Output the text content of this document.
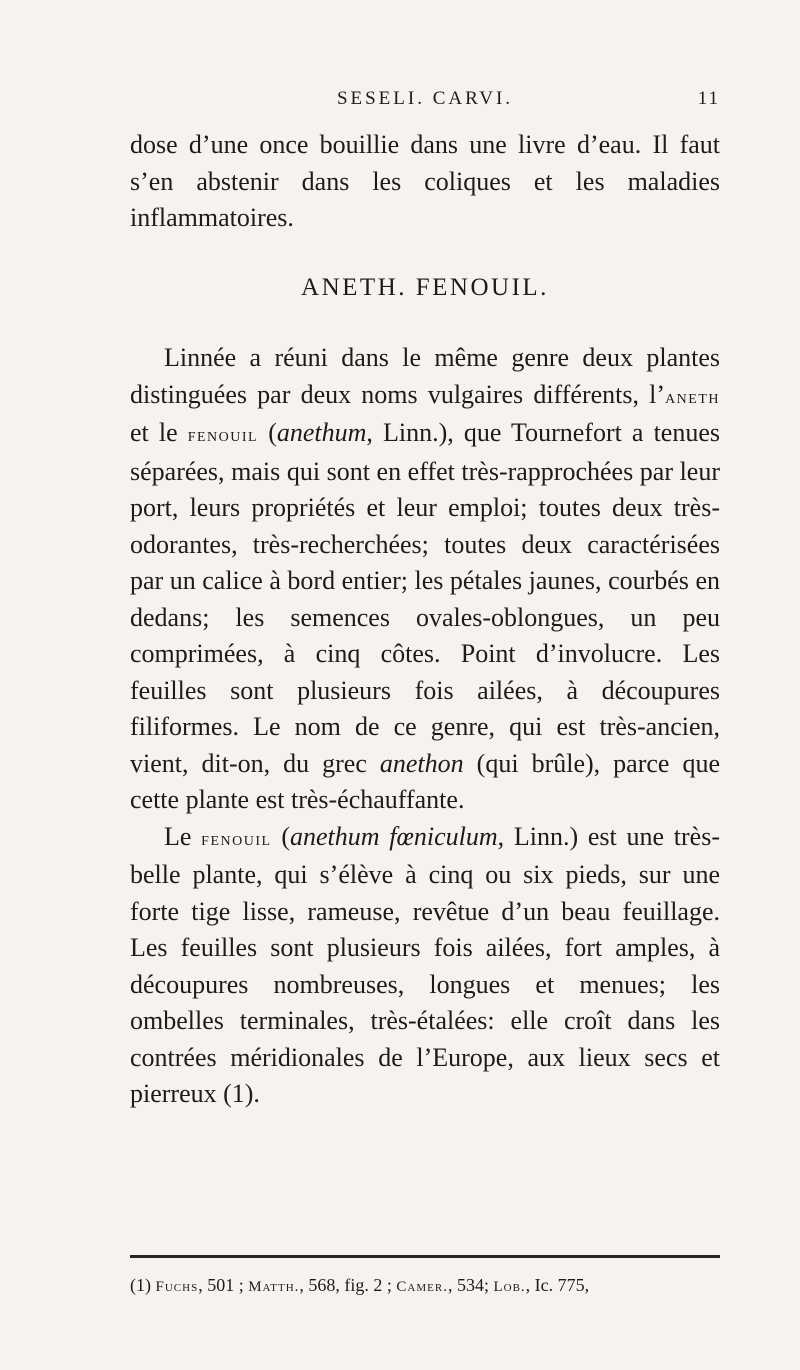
SESELI. CARVI.	11

dose d’une once bouillie dans une livre d’eau. Il faut s’en abstenir dans les coliques et les maladies inflammatoires.

ANETH. FENOUIL.

Linnée a réuni dans le même genre deux plantes distinguées par deux noms vulgaires différents, l’aneth et le fenouil (anethum, Linn.), que Tournefort a tenues séparées, mais qui sont en effet très-rapprochées par leur port, leurs propriétés et leur emploi; toutes deux très-odorantes, très-recherchées; toutes deux caractérisées par un calice à bord entier; les pétales jaunes, courbés en dedans; les semences ovales-oblongues, un peu comprimées, à cinq côtes. Point d’involucre. Les feuilles sont plusieurs fois ailées, à découpures filiformes. Le nom de ce genre, qui est très-ancien, vient, dit-on, du grec anethon (qui brûle), parce que cette plante est très-échauffante.

Le fenouil (anethum fœniculum, Linn.) est une très-belle plante, qui s’élève à cinq ou six pieds, sur une forte tige lisse, rameuse, revêtue d’un beau feuillage. Les feuilles sont plusieurs fois ailées, fort amples, à découpures nombreuses, longues et menues; les ombelles terminales, très-étalées: elle croît dans les contrées méridionales de l’Europe, aux lieux secs et pierreux (1).

(1) Fuchs, 501 ; Matth., 568, fig. 2 ; Camer., 534; Lob., Ic. 775,
